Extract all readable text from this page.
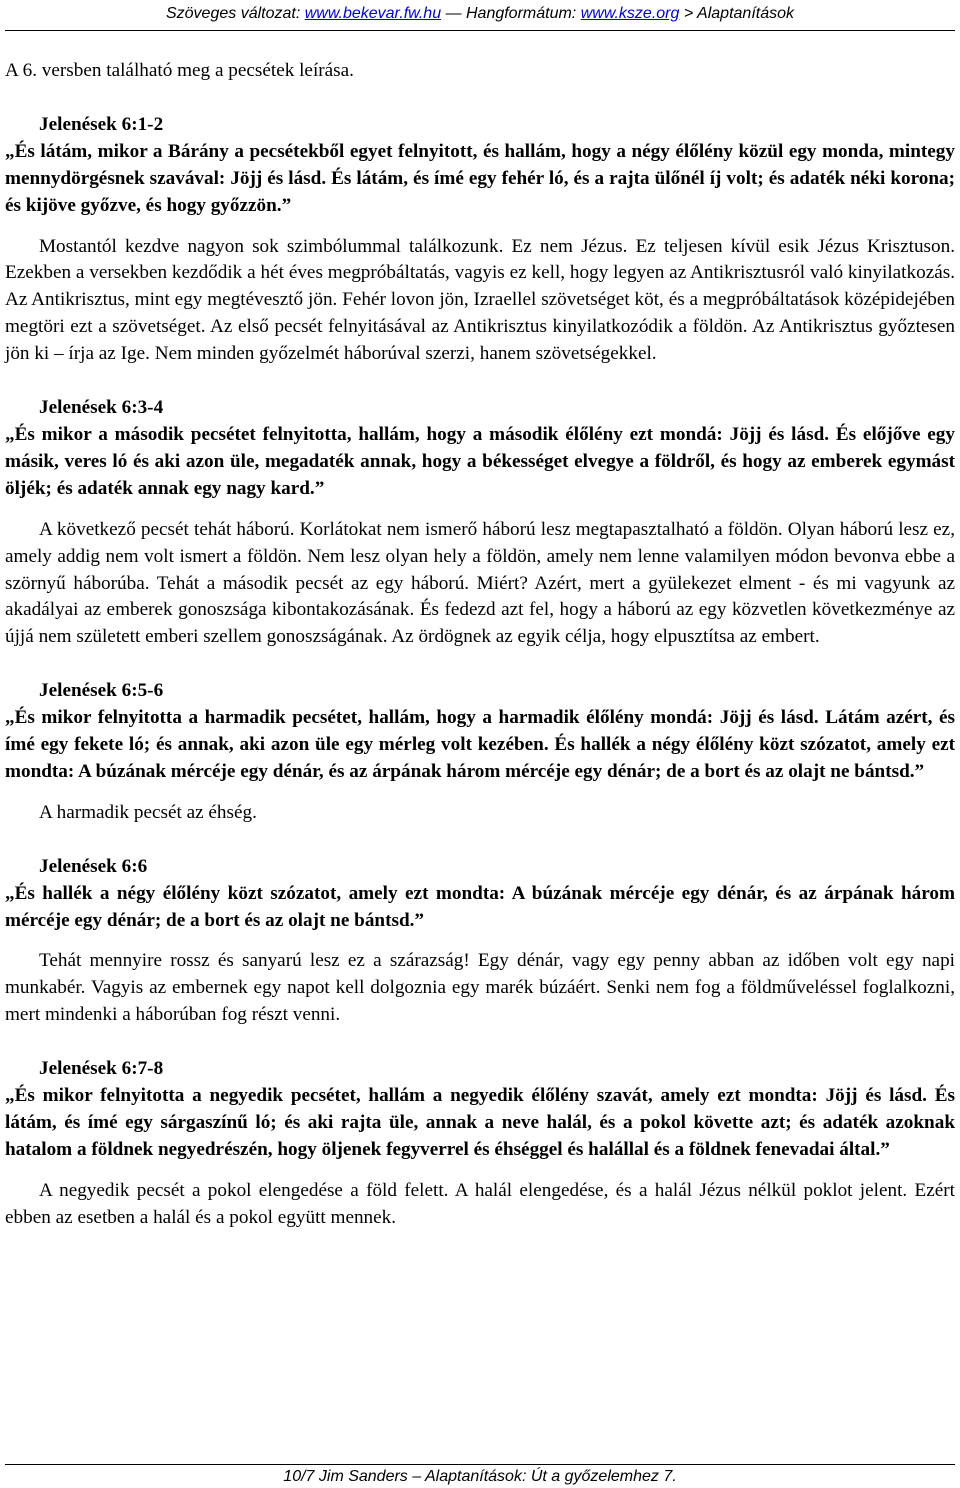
Szöveges változat: www.bekevar.fw.hu — Hangformátum: www.ksze.org > Alaptanítások

A 6. versben található meg a pecsétek leírása.

Jelenések 6:1-2

„És látám, mikor a Bárány a pecsétekből egyet felnyitott, és hallám, hogy a négy élőlény közül egy monda, mintegy mennydörgésnek szavával: Jöjj és lásd. És látám, és ímé egy fehér ló, és a rajta ülőnél íj volt; és adaték néki korona; és kijöve győzve, és hogy győzzön.”

Mostantól kezdve nagyon sok szimbólummal találkozunk. Ez nem Jézus. Ez teljesen kívül esik Jézus Krisztuson. Ezekben a versekben kezdődik a hét éves megpróbáltatás, vagyis ez kell, hogy legyen az Antikrisztusról való kinyilatkozás. Az Antikrisztus, mint egy megtévesztő jön. Fehér lovon jön, Izraellel szövetséget köt, és a megpróbáltatások középidejében megtöri ezt a szövetséget. Az első pecsét felnyitásával az Antikrisztus kinyilatkozódik a földön. Az Antikrisztus győztesen jön ki – írja az Ige. Nem minden győzelmét háborúval szerzi, hanem szövetségekkel.

Jelenések 6:3-4

„És mikor a második pecsétet felnyitotta, hallám, hogy a második élőlény ezt mondá: Jöjj és lásd. És előjőve egy másik, veres ló és aki azon üle, megadaték annak, hogy a békességet elvegye a földről, és hogy az emberek egymást öljék; és adaték annak egy nagy kard.”

A következő pecsét tehát háború. Korlátokat nem ismerő háború lesz megtapasztalható a földön. Olyan háború lesz ez, amely addig nem volt ismert a földön. Nem lesz olyan hely a földön, amely nem lenne valamilyen módon bevonva ebbe a szörnyű háborúba. Tehát a második pecsét az egy háború. Miért? Azért, mert a gyülekezet elment - és mi vagyunk az akadályai az emberek gonoszsága kibontakozásának. És fedezd azt fel, hogy a háború az egy közvetlen következménye az újjá nem született emberi szellem gonoszságának. Az ördögnek az egyik célja, hogy elpusztítsa az embert.

Jelenések 6:5-6

„És mikor felnyitotta a harmadik pecsétet, hallám, hogy a harmadik élőlény mondá: Jöjj és lásd. Látám azért, és ímé egy fekete ló; és annak, aki azon üle egy mérleg volt kezében. És hallék a négy élőlény közt szózatot, amely ezt mondta: A búzának mércéje egy dénár, és az árpának három mércéje egy dénár; de a bort és az olajt ne bántsd.”

A harmadik pecsét az éhség.

Jelenések 6:6

„És hallék a négy élőlény közt szózatot, amely ezt mondta: A búzának mércéje egy dénár, és az árpának három mércéje egy dénár; de a bort és az olajt ne bántsd.”

Tehát mennyire rossz és sanyarú lesz ez a szárazság! Egy dénár, vagy egy penny abban az időben volt egy napi munkabér. Vagyis az embernek egy napot kell dolgoznia egy marék búzáért. Senki nem fog a földműveléssel foglalkozni, mert mindenki a háborúban fog részt venni.

Jelenések 6:7-8

„És mikor felnyitotta a negyedik pecsétet, hallám a negyedik élőlény szavát, amely ezt mondta: Jöjj és lásd. És látám, és ímé egy sárgaszínű ló; és aki rajta üle, annak a neve halál, és a pokol követte azt; és adaték azoknak hatalom a földnek negyedrészén, hogy öljenek fegyverrel és éhséggel és halállal és a földnek fenevadai által.”

A negyedik pecsét a pokol elengedése a föld felett. A halál elengedése, és a halál Jézus nélkül poklot jelent. Ezért ebben az esetben a halál és a pokol együtt mennek.

10/7 Jim Sanders – Alaptanítások: Út a győzelemhez 7.
